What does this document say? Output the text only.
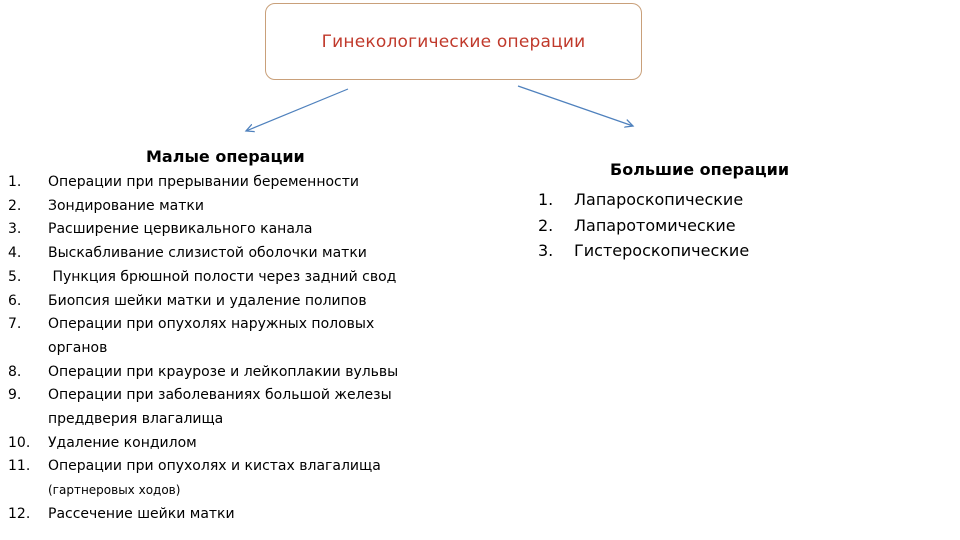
Гинекологические операции
Малые операции
1. Операции при прерывании беременности
2. Зондирование матки
3. Расширение цервикального канала
4. Выскабливание слизистой оболочки матки
5. Пункция брюшной полости через задний свод
6. Биопсия шейки матки и удаление полипов
7. Операции при опухолях наружных половых органов
8. Операции при краурозе и лейкоплакии вульвы
9. Операции при заболеваниях большой железы преддверия влагалища
10. Удаление кондилом
11. Операции при опухолях и кистах влагалища
(гартнеровых ходов)
12. Рассечение шейки матки
Большие операции
1. Лапароскопические
2. Лапаротомические
3. Гистероскопические
